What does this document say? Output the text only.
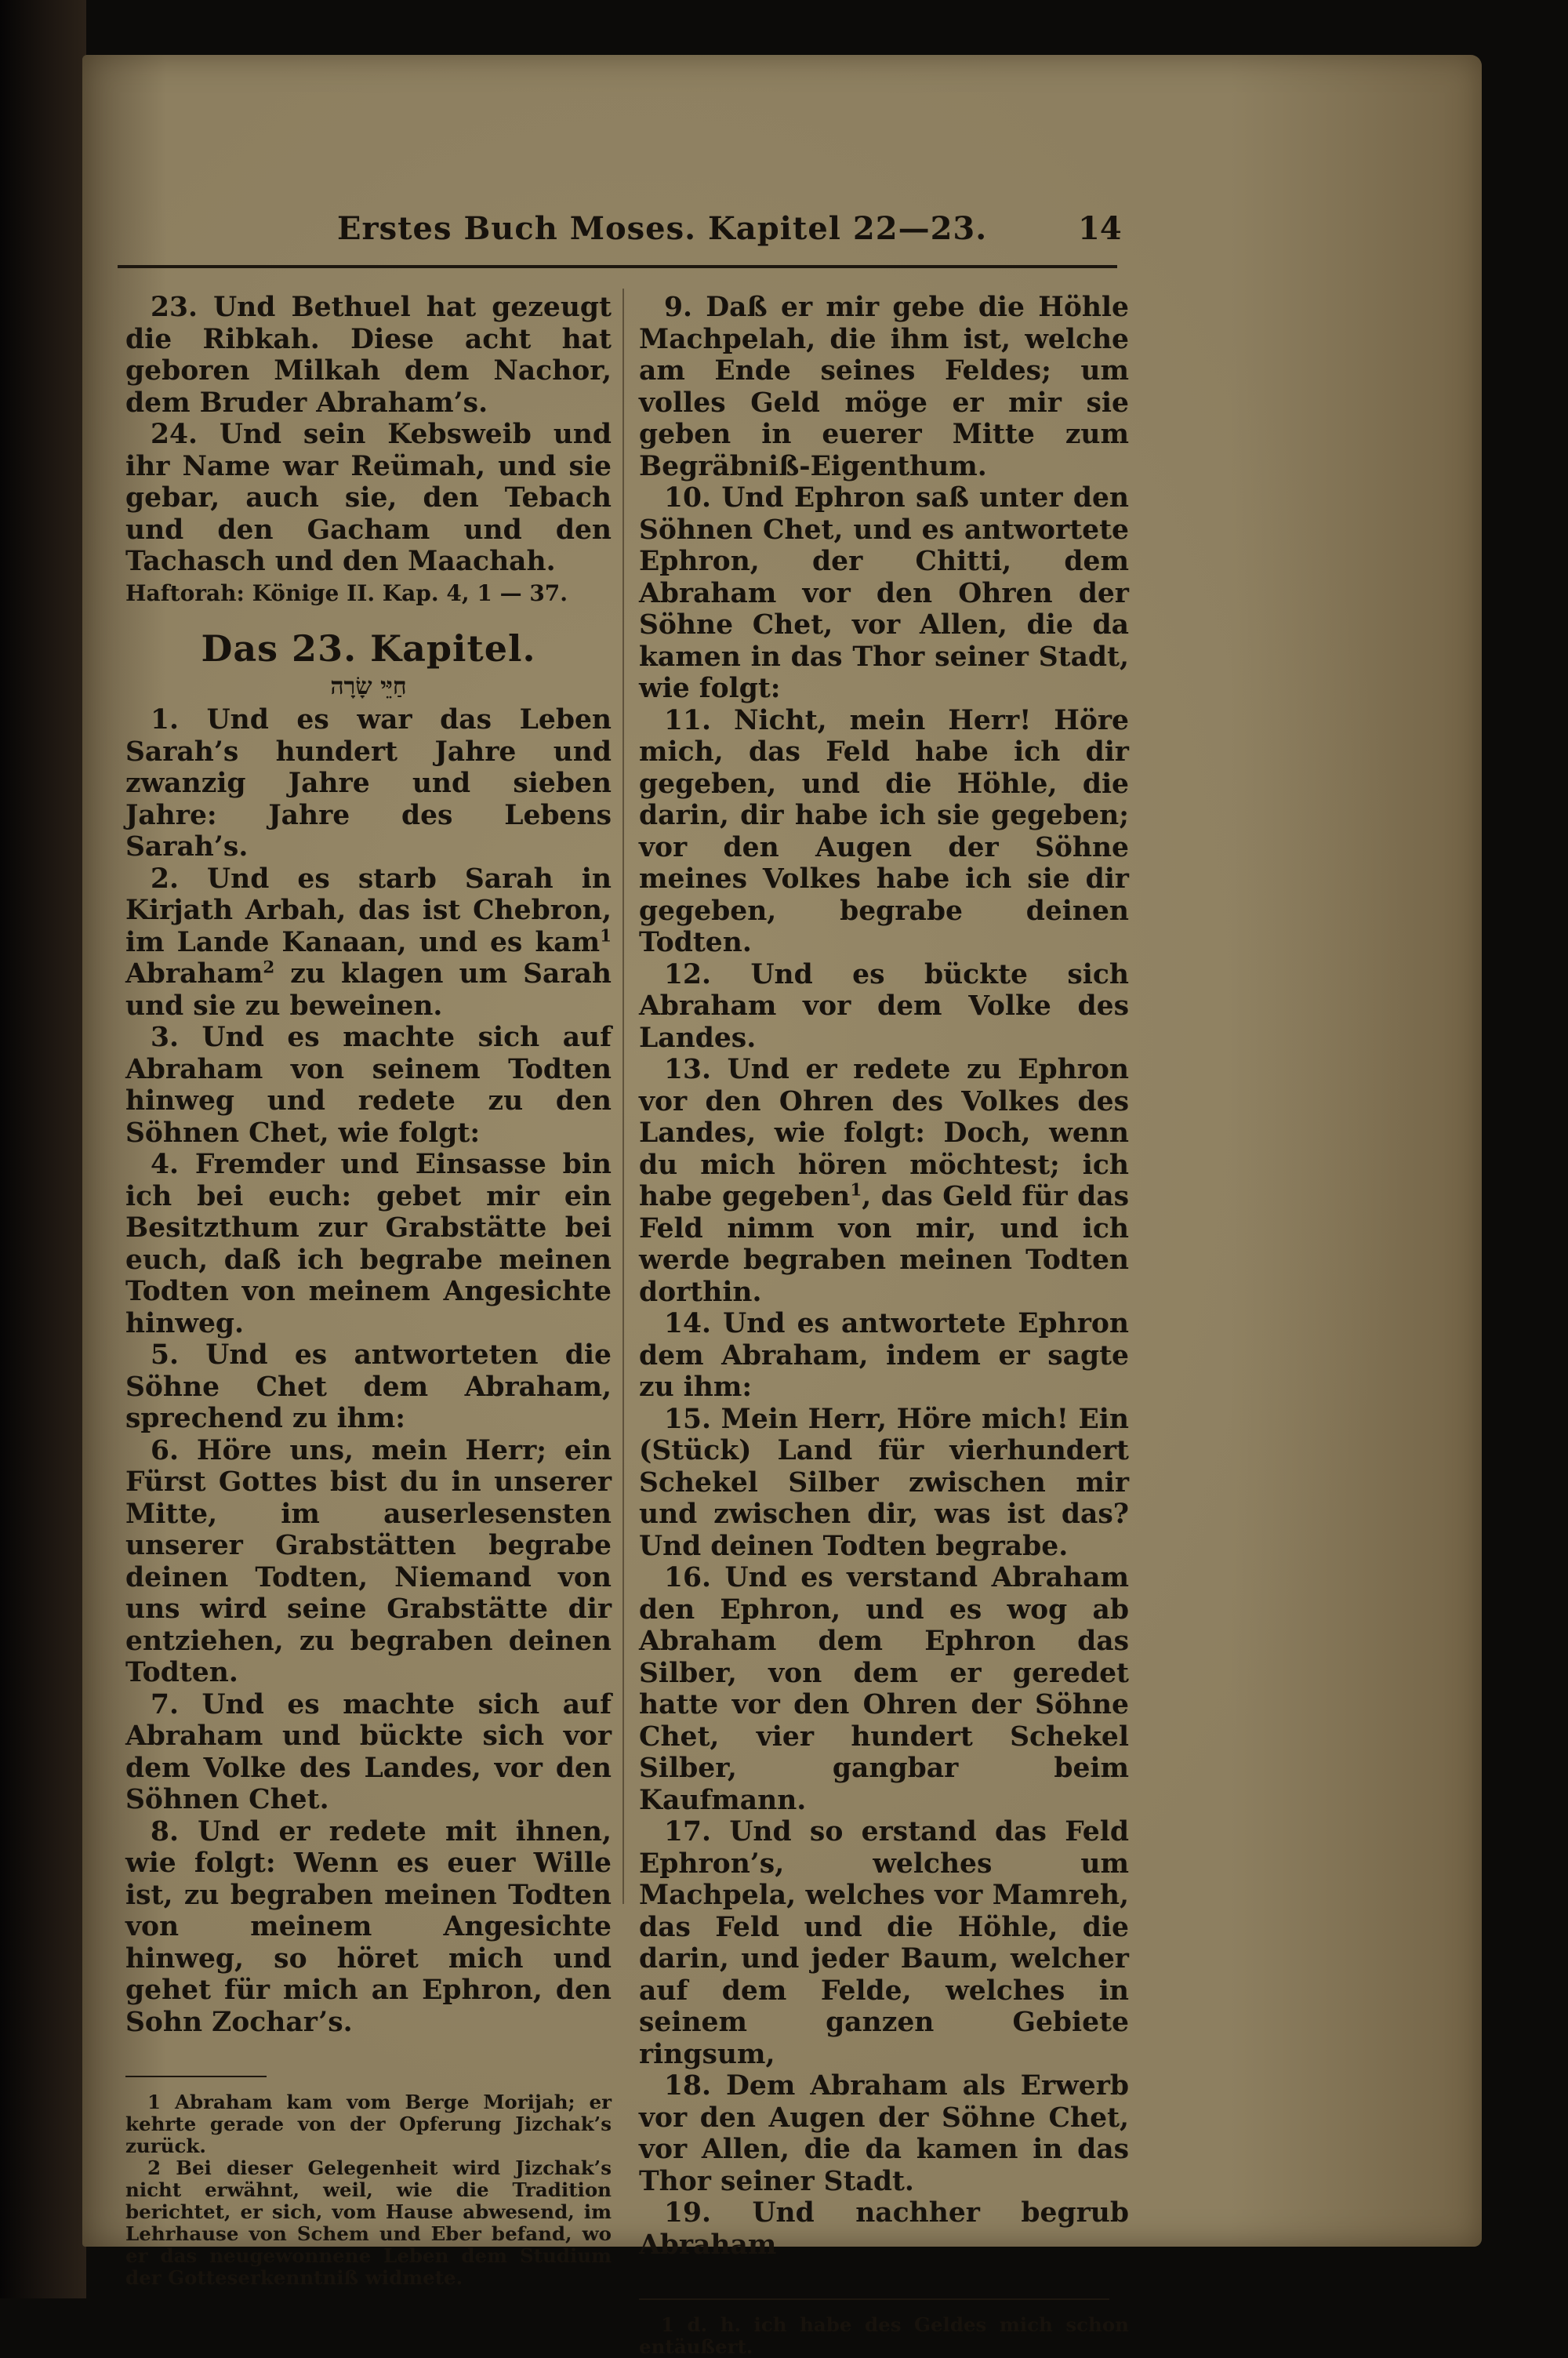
Erstes Buch Moses. Kapitel 22—23.	14

23. Und Bethuel hat gezeugt die Ribkah. Diese acht hat geboren Milkah dem Nachor, dem Bruder Abraham’s.

24. Und sein Kebsweib und ihr Name war Reümah, und sie gebar, auch sie, den Tebach und den Gacham und den Tachasch und den Maachah.

Haftorah: Könige II. Kap. 4, 1 — 37.

Das 23. Kapitel.
חַיֵּי שָׂרָה

1. Und es war das Leben Sarah’s hundert Jahre und zwanzig Jahre und sieben Jahre: Jahre des Lebens Sarah’s.

2. Und es starb Sarah in Kirjath Arbah, das ist Chebron, im Lande Kanaan, und es kam$^1$ Abraham$^2$ zu klagen um Sarah und sie zu beweinen.

3. Und es machte sich auf Abraham von seinem Todten hinweg und redete zu den Söhnen Chet, wie folgt:

4. Fremder und Einsasse bin ich bei euch: gebet mir ein Besitzthum zur Grabstätte bei euch, daß ich begrabe meinen Todten von meinem Angesichte hinweg.

5. Und es antworteten die Söhne Chet dem Abraham, sprechend zu ihm:

6. Höre uns, mein Herr; ein Fürst Gottes bist du in unserer Mitte, im auserlesensten unserer Grabstätten begrabe deinen Todten, Niemand von uns wird seine Grabstätte dir entziehen, zu begraben deinen Todten.

7. Und es machte sich auf Abraham und bückte sich vor dem Volke des Landes, vor den Söhnen Chet.

8. Und er redete mit ihnen, wie folgt: Wenn es euer Wille ist, zu begraben meinen Todten von meinem Angesichte hinweg, so höret mich und gehet für mich an Ephron, den Sohn Zochar’s.

1 Abraham kam vom Berge Morijah; er kehrte gerade von der Opferung Jizchak’s zurück.

2 Bei dieser Gelegenheit wird Jizchak’s nicht erwähnt, weil, wie die Tradition berichtet, er sich, vom Hause abwesend, im Lehrhause von Schem und Eber befand, wo er das neugewonnene Leben dem Studium der Gotteserkenntniß widmete.

9. Daß er mir gebe die Höhle Machpelah, die ihm ist, welche am Ende seines Feldes; um volles Geld möge er mir sie geben in euerer Mitte zum Begräbniß-Eigenthum.

10. Und Ephron saß unter den Söhnen Chet, und es antwortete Ephron, der Chitti, dem Abraham vor den Ohren der Söhne Chet, vor Allen, die da kamen in das Thor seiner Stadt, wie folgt:

11. Nicht, mein Herr! Höre mich, das Feld habe ich dir gegeben, und die Höhle, die darin, dir habe ich sie gegeben; vor den Augen der Söhne meines Volkes habe ich sie dir gegeben, begrabe deinen Todten.

12. Und es bückte sich Abraham vor dem Volke des Landes.

13. Und er redete zu Ephron vor den Ohren des Volkes des Landes, wie folgt: Doch, wenn du mich hören möchtest; ich habe gegeben$^1$, das Geld für das Feld nimm von mir, und ich werde begraben meinen Todten dorthin.

14. Und es antwortete Ephron dem Abraham, indem er sagte zu ihm:

15. Mein Herr, Höre mich! Ein (Stück) Land für vierhundert Schekel Silber zwischen mir und zwischen dir, was ist das? Und deinen Todten begrabe.

16. Und es verstand Abraham den Ephron, und es wog ab Abraham dem Ephron das Silber, von dem er geredet hatte vor den Ohren der Söhne Chet, vier hundert Schekel Silber, gangbar beim Kaufmann.

17. Und so erstand das Feld Ephron’s, welches um Machpela, welches vor Mamreh, das Feld und die Höhle, die darin, und jeder Baum, welcher auf dem Felde, welches in seinem ganzen Gebiete ringsum,

18. Dem Abraham als Erwerb vor den Augen der Söhne Chet, vor Allen, die da kamen in das Thor seiner Stadt.

19. Und nachher begrub Abraham

1 d. h. ich habe des Geldes mich schon entäußert.
